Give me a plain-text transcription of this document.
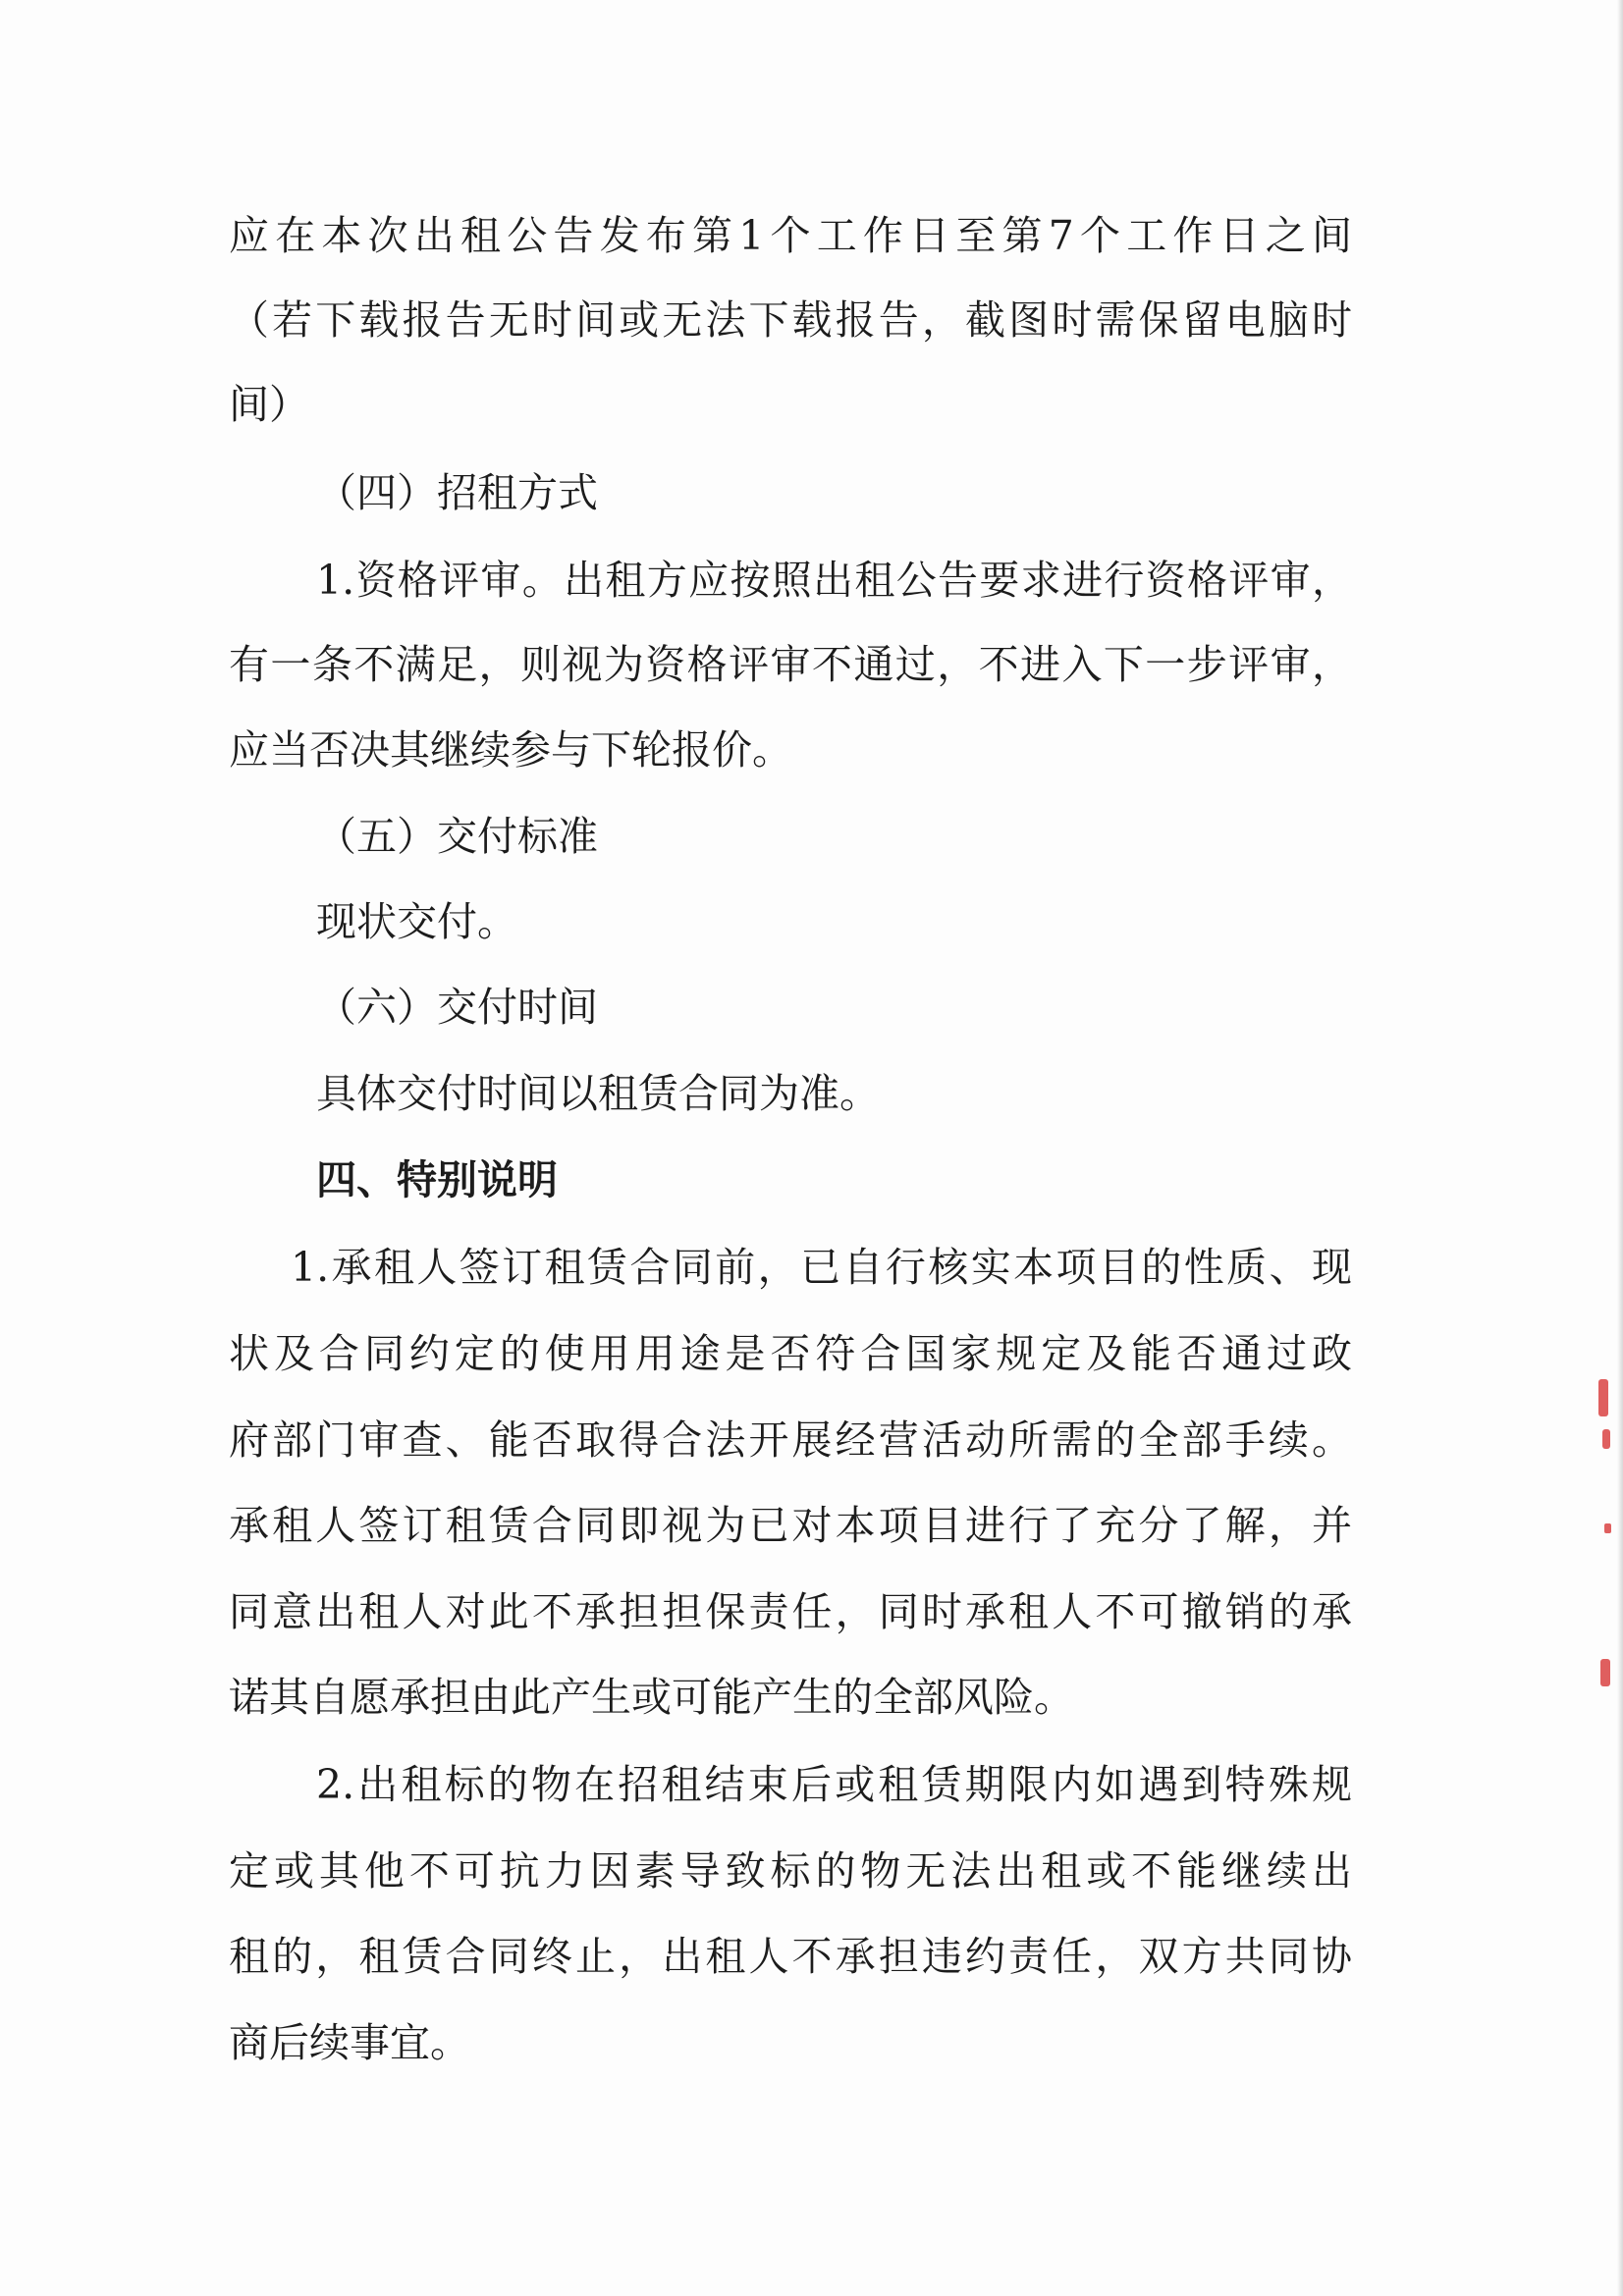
应在本次出租公告发布第1个工作日至第7个工作日之间
（若下载报告无时间或无法下载报告，截图时需保留电脑时
间）
（四）招租方式
1.资格评审。出租方应按照出租公告要求进行资格评审，
有一条不满足，则视为资格评审不通过，不进入下一步评审，
应当否决其继续参与下轮报价。
（五）交付标准
现状交付。
（六）交付时间
具体交付时间以租赁合同为准。
四、特别说明
1.承租人签订租赁合同前，已自行核实本项目的性质、现
状及合同约定的使用用途是否符合国家规定及能否通过政
府部门审查、能否取得合法开展经营活动所需的全部手续。
承租人签订租赁合同即视为已对本项目进行了充分了解，并
同意出租人对此不承担担保责任，同时承租人不可撤销的承
诺其自愿承担由此产生或可能产生的全部风险。
2.出租标的物在招租结束后或租赁期限内如遇到特殊规
定或其他不可抗力因素导致标的物无法出租或不能继续出
租的，租赁合同终止，出租人不承担违约责任，双方共同协
商后续事宜。
